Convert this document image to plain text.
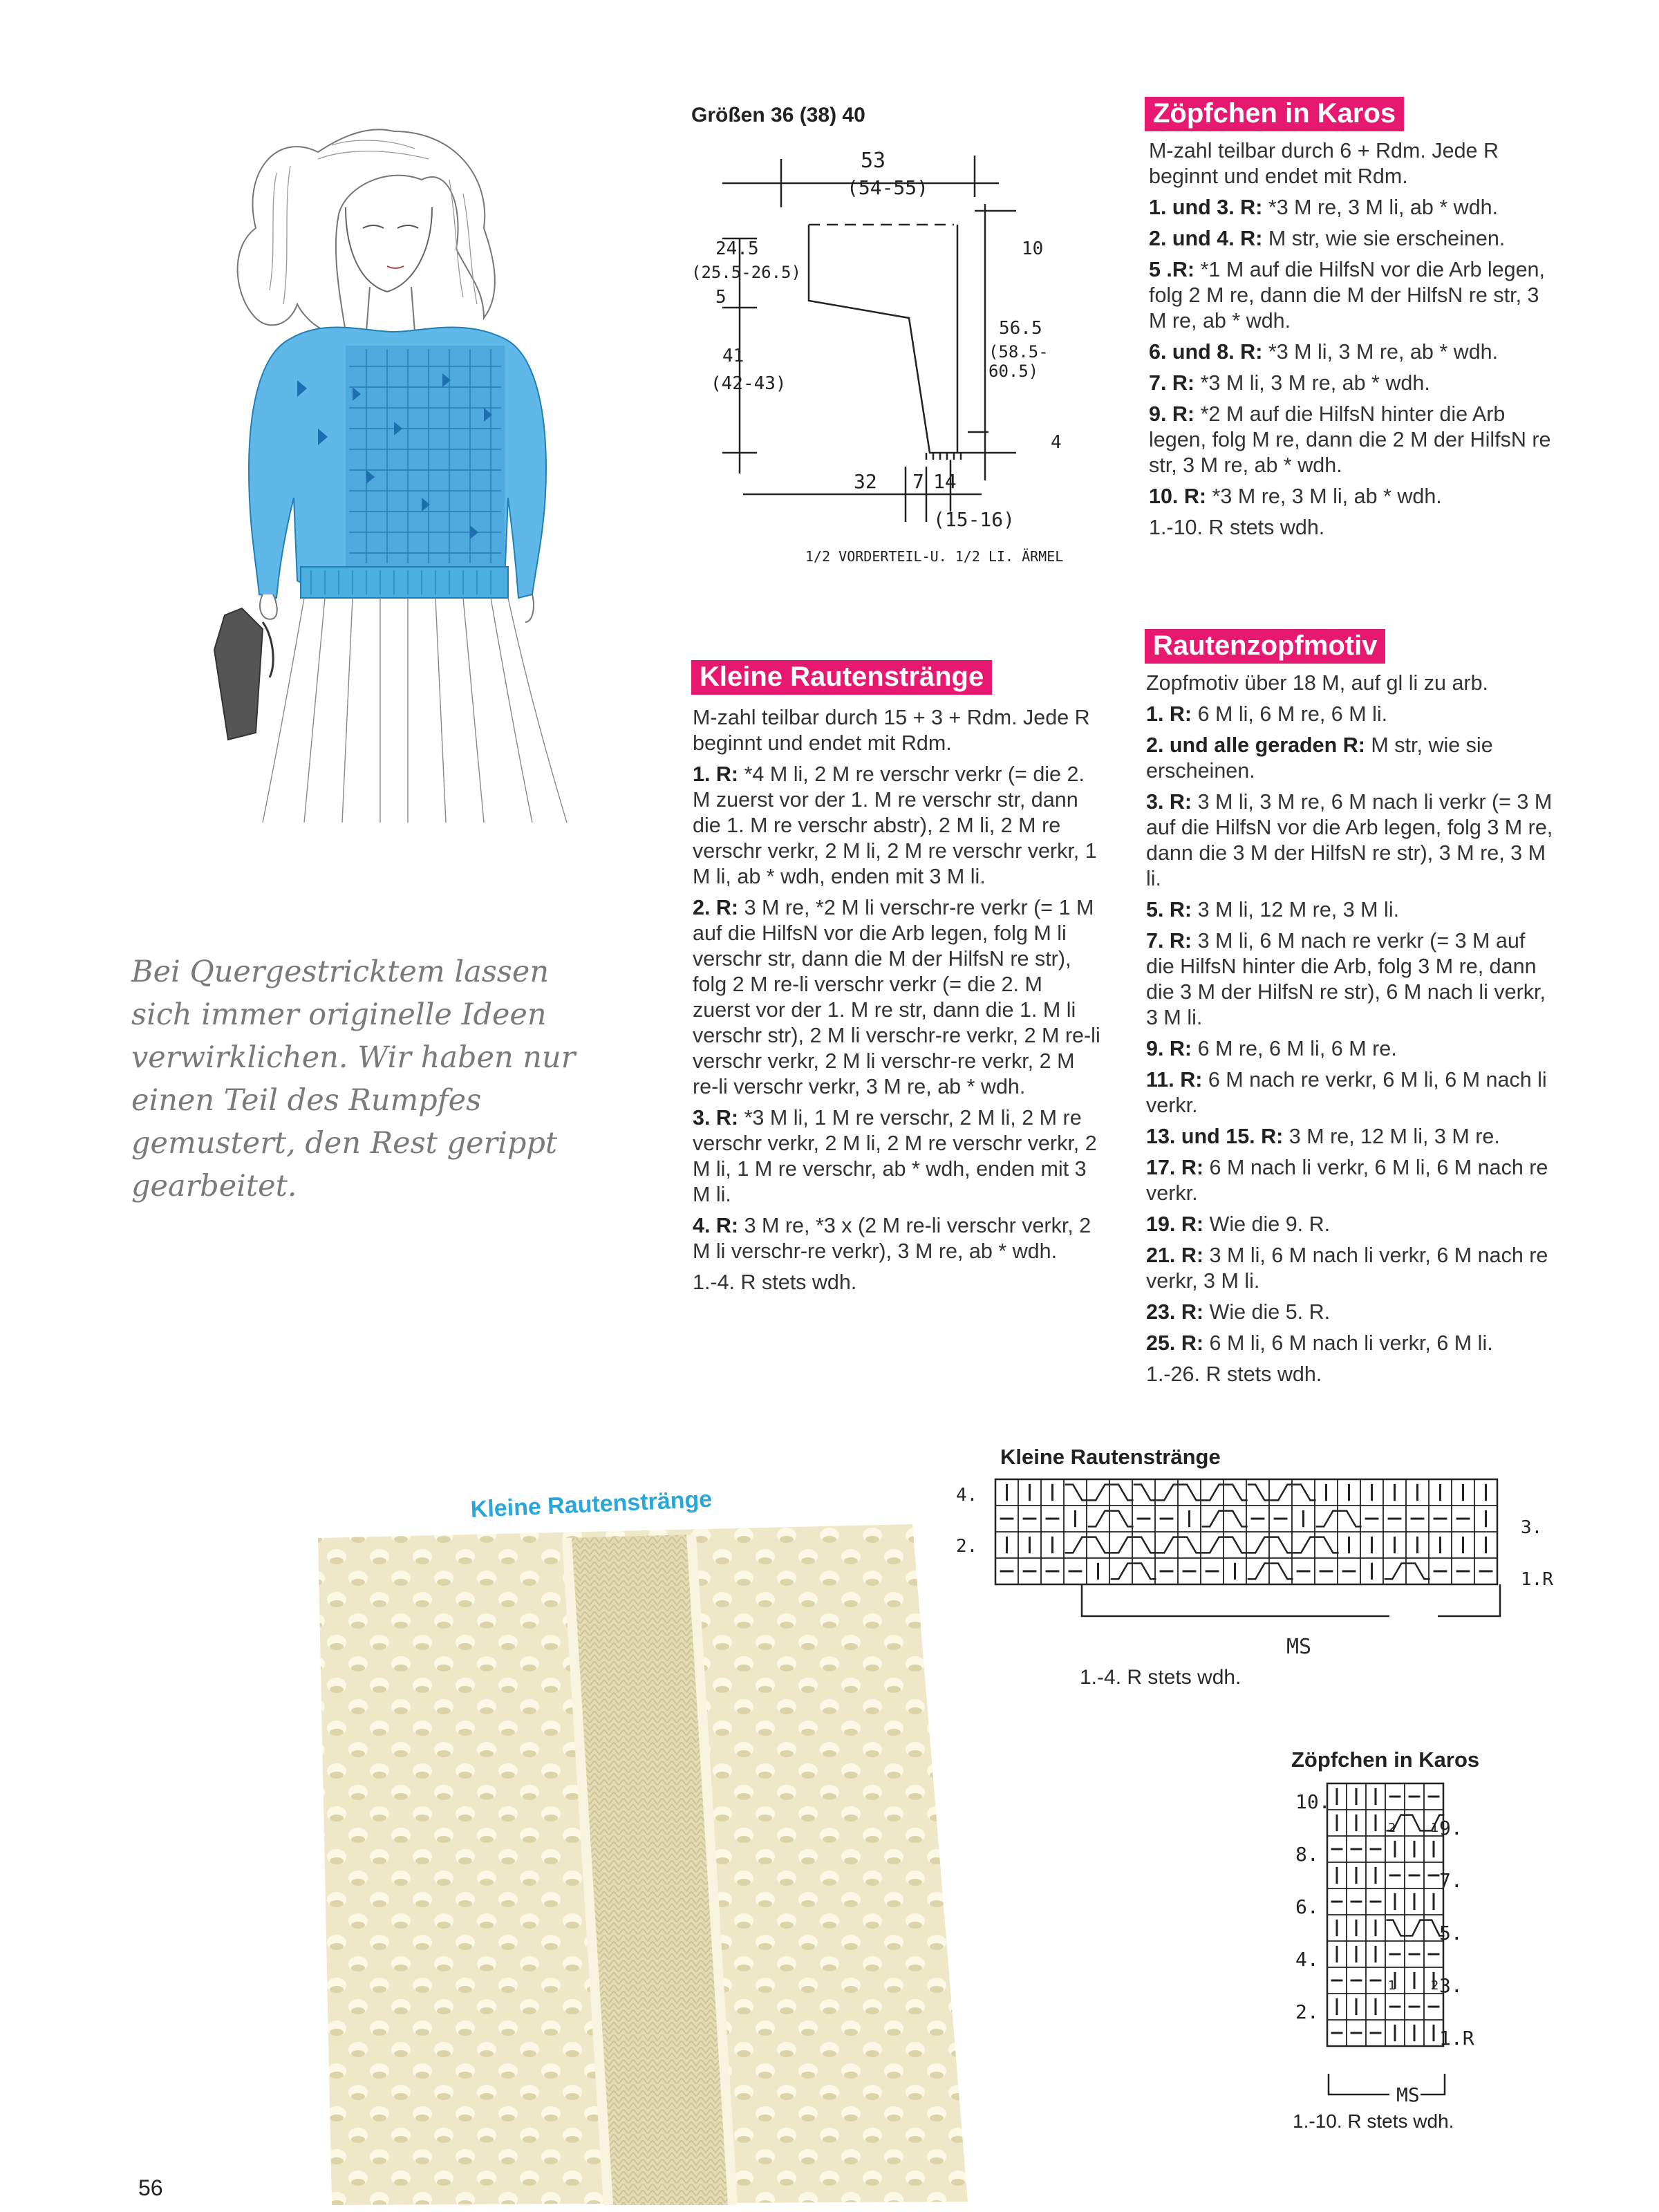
Bei Quergestricktem lassen sich immer originelle Ideen verwirklichen. Wir haben nur einen Teil des Rumpfes gemustert, den Rest gerippt gearbeitet.
Größen 36 (38) 40
53
(54-55)
24.5
(25.5-26.5)
5
41
(42-43)
10
56.5
(58.5-60.5)
4
32 7 14
(15-16)
1/2 VORDERTEIL-U. 1/2 LI. ÄRMEL
Zöpfchen in Karos

M-zahl teilbar durch 6 + Rdm. Jede R beginnt und endet mit Rdm.

1. und 3. R: *3 M re, 3 M li, ab * wdh.

2. und 4. R: M str, wie sie erscheinen.

5 .R: *1 M auf die HilfsN vor die Arb legen, folg 2 M re, dann die M der HilfsN re str, 3 M re, ab * wdh.

6. und 8. R: *3 M li, 3 M re, ab * wdh.

7. R: *3 M li, 3 M re, ab * wdh.

9. R: *2 M auf die HilfsN hinter die Arb legen, folg M re, dann die 2 M der HilfsN re str, 3 M re, ab * wdh.

10. R: *3 M re, 3 M li, ab * wdh.

1.-10. R stets wdh.

Kleine Rautenstränge

M-zahl teilbar durch 15 + 3 + Rdm. Jede R beginnt und endet mit Rdm.

1. R: *4 M li, 2 M re verschr verkr (= die 2. M zuerst vor der 1. M re verschr str, dann die 1. M re verschr abstr), 2 M li, 2 M re verschr verkr, 2 M li, 2 M re verschr verkr, 1 M li, ab * wdh, enden mit 3 M li.

2. R: 3 M re, *2 M li verschr-re verkr (= 1 M auf die HilfsN vor die Arb legen, folg M li verschr str, dann die M der HilfsN re str), folg 2 M re-li verschr verkr (= die 2. M zuerst vor der 1. M re str, dann die 1. M li verschr str), 2 M li verschr-re verkr, 2 M re-li verschr verkr, 2 M li verschr-re verkr, 2 M re-li verschr verkr, 3 M re, ab * wdh.

3. R: *3 M li, 1 M re verschr, 2 M li, 2 M re verschr verkr, 2 M li, 2 M re verschr verkr, 2 M li, 1 M re verschr, ab * wdh, enden mit 3 M li.

4. R: 3 M re, *3 x (2 M re-li verschr verkr, 2 M li verschr-re verkr), 3 M re, ab * wdh.

1.-4. R stets wdh.

Rautenzopfmotiv

Zopfmotiv über 18 M, auf gl li zu arb.

1. R: 6 M li, 6 M re, 6 M li.

2. und alle geraden R: M str, wie sie erscheinen.

3. R: 3 M li, 3 M re, 6 M nach li verkr (= 3 M auf die HilfsN vor die Arb legen, folg 3 M re, dann die 3 M der HilfsN re str), 3 M re, 3 M li.

5. R: 3 M li, 12 M re, 3 M li.

7. R: 3 M li, 6 M nach re verkr (= 3 M auf die HilfsN hinter die Arb, folg 3 M re, dann die 3 M der HilfsN re str), 6 M nach li verkr, 3 M li.

9. R: 6 M re, 6 M li, 6 M re.

11. R: 6 M nach re verkr, 6 M li, 6 M nach li verkr.

13. und 15. R: 3 M re, 12 M li, 3 M re.

17. R: 6 M nach li verkr, 6 M li, 6 M nach re verkr.

19. R: Wie die 9. R.

21. R: 3 M li, 6 M nach li verkr, 6 M nach re verkr, 3 M li.

23. R: Wie die 5. R.

25. R: 6 M li, 6 M nach li verkr, 6 M li.

1.-26. R stets wdh.

Kleine Rautenstränge
Kleine Rautenstränge
4.
2.
3.
1.R
MS
1.-4. R stets wdh.
Zöpfchen in Karos
10.
8.
6.
4.
2.
9.
7.
5.
3.
1.R
2	1
1	2
MS
1.-10. R stets wdh.
56
